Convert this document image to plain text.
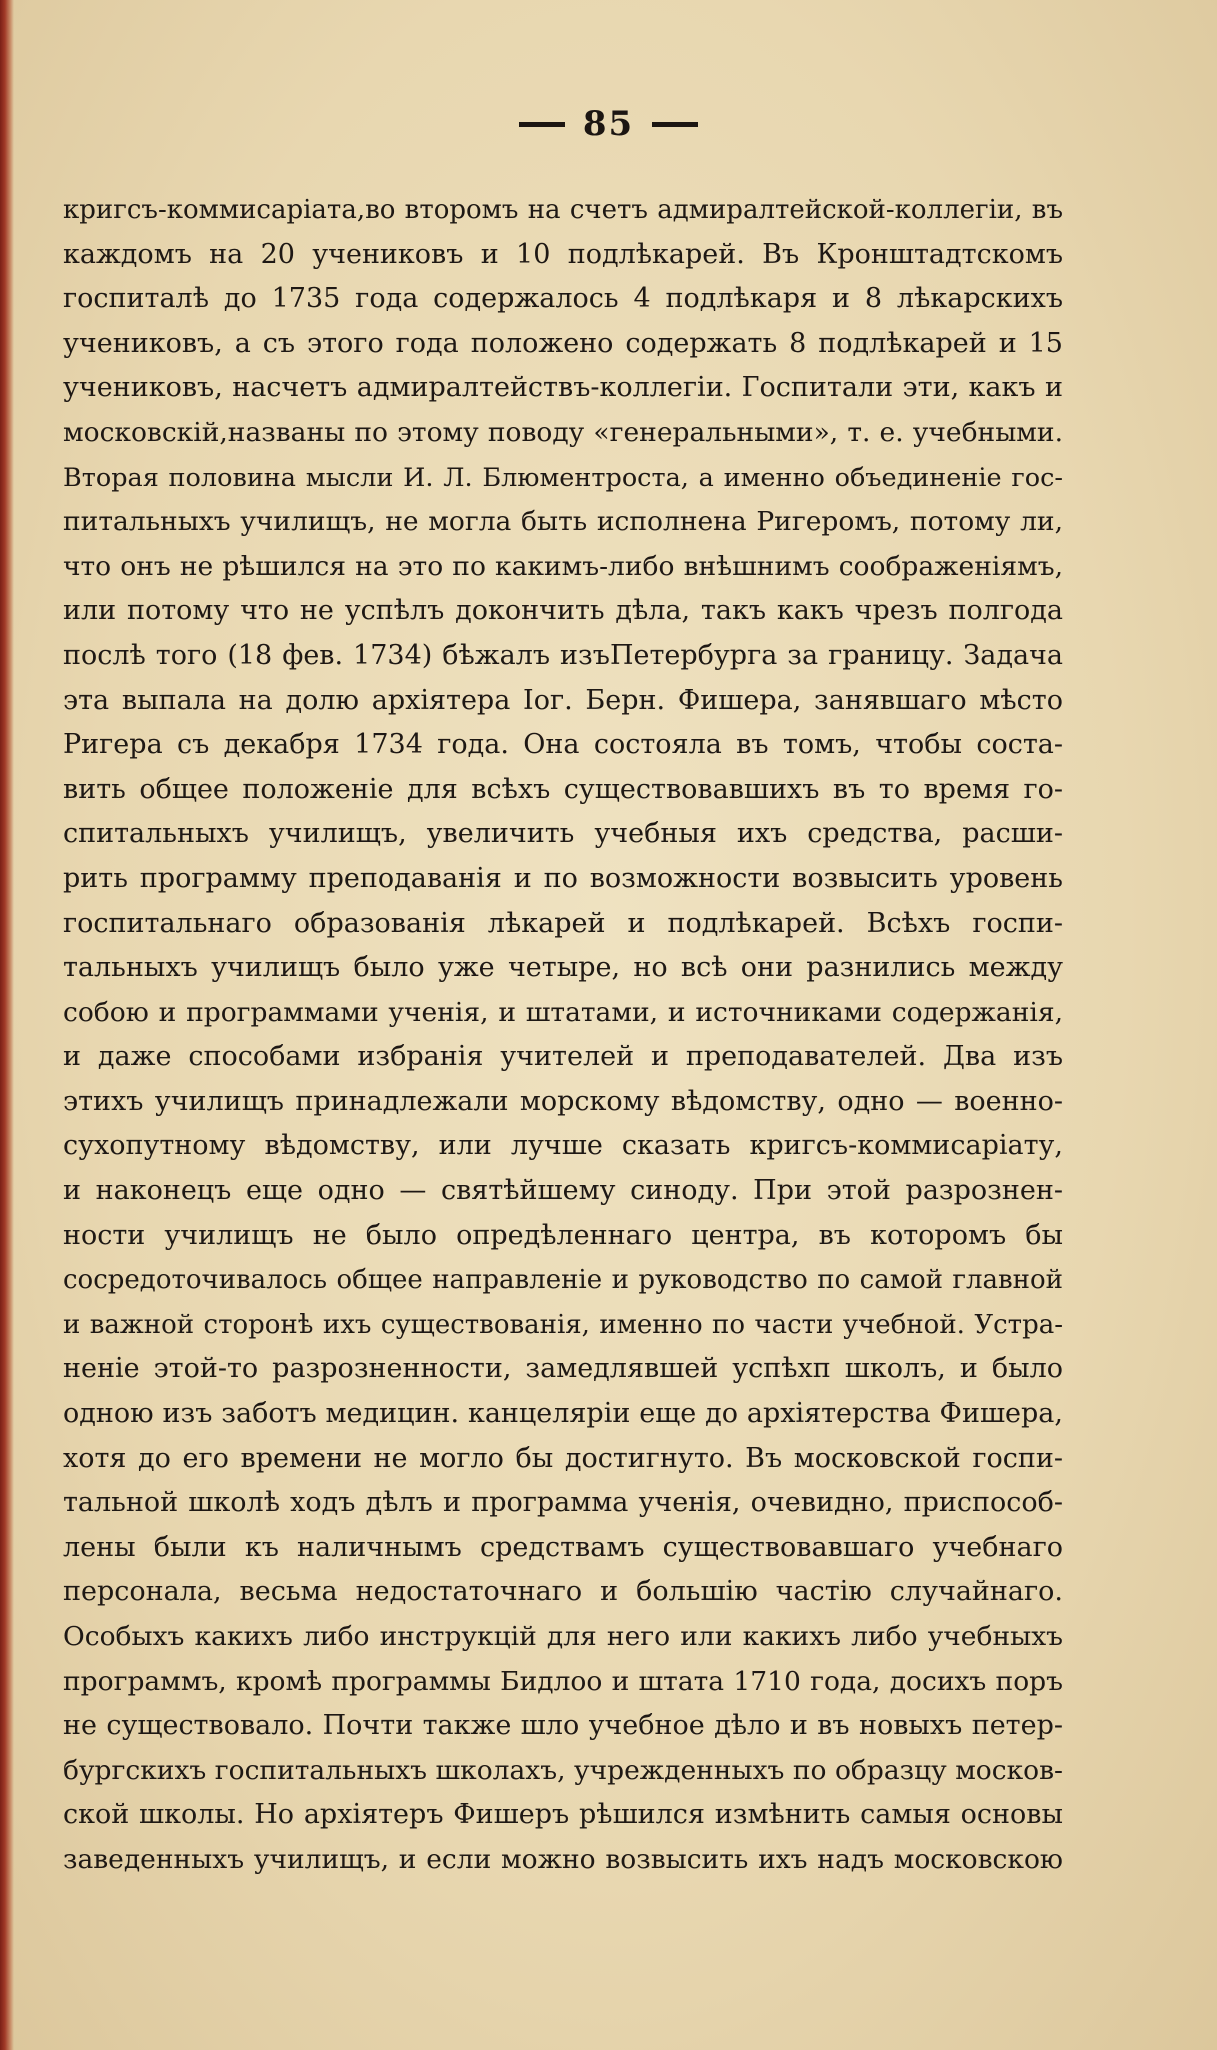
85
кригсъ-коммисаріата,во второмъ на счетъ адмиралтейской-коллегіи, въ
каждомъ на 20 учениковъ и 10 подлѣкарей. Въ Кронштадтскомъ
госпиталѣ до 1735 года содержалось 4 подлѣкаря и 8 лѣкарскихъ
учениковъ, а съ этого года положено содержать 8 подлѣкарей и 15
учениковъ, насчетъ адмиралтействъ-коллегіи. Госпитали эти, какъ и
московскій,названы по этому поводу «генеральными», т. е. учебными.
Вторая половина мысли И. Л. Блюментроста, а именно объединеніе гос-
питальныхъ училищъ, не могла быть исполнена Ригеромъ, потому ли,
что онъ не рѣшился на это по какимъ-либо внѣшнимъ соображеніямъ,
или потому что не успѣлъ докончить дѣла, такъ какъ чрезъ полгода
послѣ того (18 фев. 1734) бѣжалъ изъПетербурга за границу. Задача
эта выпала на долю архіятера Іог. Берн. Фишера, занявшаго мѣсто
Ригера съ декабря 1734 года. Она состояла въ томъ, чтобы соста-
вить общее положеніе для всѣхъ существовавшихъ въ то время го-
спитальныхъ училищъ, увеличить учебныя ихъ средства, расши-
рить программу преподаванія и по возможности возвысить уровень
госпитальнаго образованія лѣкарей и подлѣкарей. Всѣхъ госпи-
тальныхъ училищъ было уже четыре, но всѣ они разнились между
собою и программами ученія, и штатами, и источниками содержанія,
и даже способами избранія учителей и преподавателей. Два изъ
этихъ училищъ принадлежали морскому вѣдомству, одно — военно-
сухопутному вѣдомству, или лучше сказать кригсъ-коммисаріату,
и наконецъ еще одно — святѣйшему синоду. При этой разрознен-
ности училищъ не было опредѣленнаго центра, въ которомъ бы
сосредоточивалось общее направленіе и руководство по самой главной
и важной сторонѣ ихъ существованія, именно по части учебной. Устра-
неніе этой-то разрозненности, замедлявшей успѣхп школъ, и было
одною изъ заботъ медицин. канцеляріи еще до архіятерства Фишера,
хотя до его времени не могло бы достигнуто. Въ московской госпи-
тальной школѣ ходъ дѣлъ и программа ученія, очевидно, приспособ-
лены были къ наличнымъ средствамъ существовавшаго учебнаго
персонала, весьма недостаточнаго и большію частію случайнаго.
Особыхъ какихъ либо инструкцій для него или какихъ либо учебныхъ
программъ, кромѣ программы Бидлоо и штата 1710 года, досихъ поръ
не существовало. Почти также шло учебное дѣло и въ новыхъ петер-
бургскихъ госпитальныхъ школахъ, учрежденныхъ по образцу москов-
ской школы. Но архіятеръ Фишеръ рѣшился измѣнить самыя основы
заведенныхъ училищъ, и если можно возвысить ихъ надъ московскою
